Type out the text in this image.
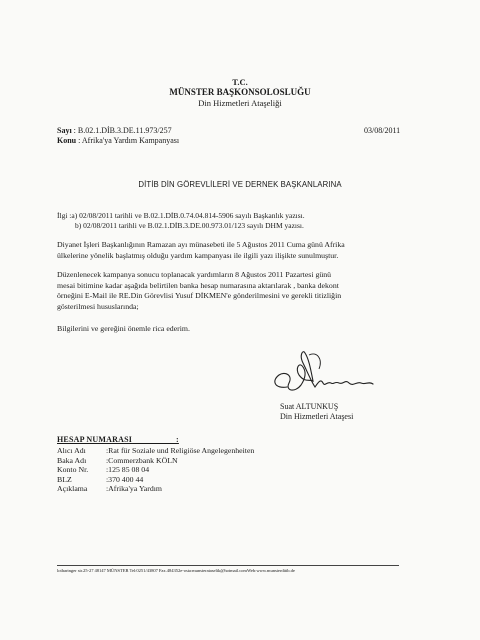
T.C.
MÜNSTER BAŞKONSOLOSLUĞU
Din Hizmetleri Ataşeliği
Sayı : B.02.1.DİB.3.DE.11.973/257
Konu : Afrika'ya Yardım Kampanyası
03/08/2011
DİTİB DİN GÖREVLİLERİ VE DERNEK BAŞKANLARINA
İlgi :a) 02/08/2011 tarihli ve B.02.1.DİB.0.74.04.814-5906 sayılı Başkanlık yazısı.
b) 02/08/2011 tarihli ve B.02.1.DİB.3.DE.00.973.01/123 sayılı DHM yazısı.
Diyanet İşleri Başkanlığının Ramazan ayı münasebeti ile 5 Ağustos 2011 Cuma günü Afrika
ülkelerine yönelik başlatmış olduğu yardım kampanyası ile ilgili yazı ilişikte sunulmuştur.
Düzenlenecek kampanya sonucu toplanacak yardımların 8 Ağustos 2011 Pazartesi günü
mesai bitimine kadar aşağıda belirtilen banka hesap numarasına aktarılarak , banka dekont
örneğini E-Mail ile RE.Din Görevlisi Yusuf DİKMEN'e gönderilmesini ve gerekli titizliğin
gösterilmesi hususlarında;
Bilgilerini ve gereğini önemle rica ederim.
Suat ALTUNKUŞ
Din Hizmetleri Ataşesi
HESAP NUMARASI                    :
Alıcı Adı	:Rat für Soziale und Religiöse Angelegenheiten
Baka Adı	:Commerzbank KÖLN
Konto Nr. :125 85 08 04
BLZ	:370 400 44
Açıklama :Afrika'ya Yardım
lotharinger str.25-27 48147 MÜNSTER Tel:0251/43807 Fax.484352e-osta:munsterataselik@hotmail.comWeb:www.munsterditib.de
